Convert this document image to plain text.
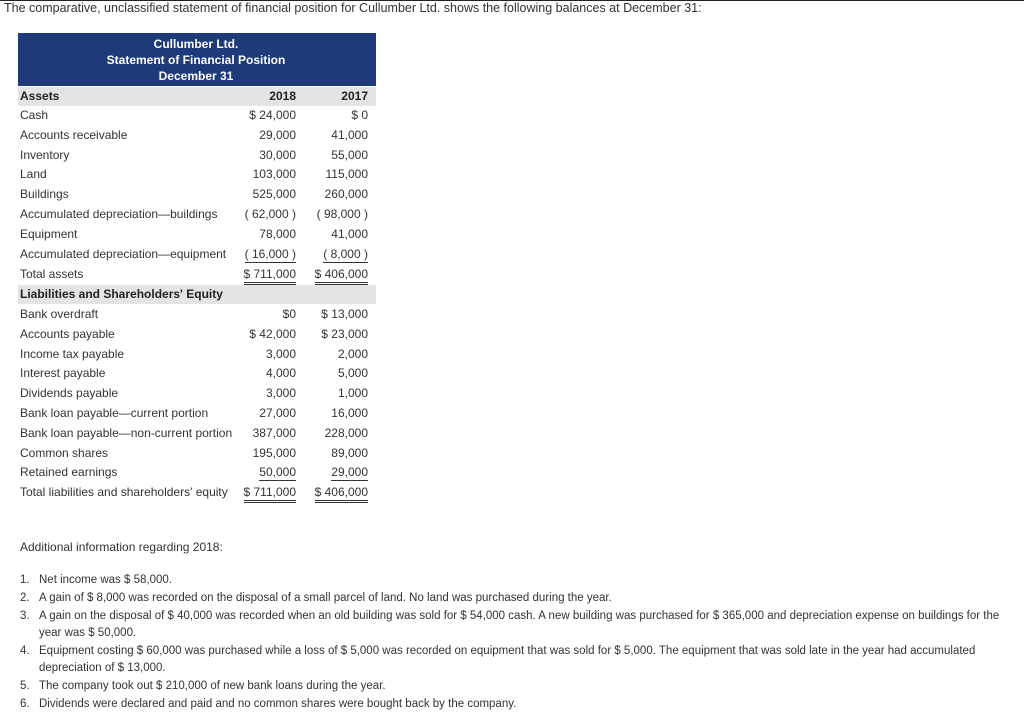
The comparative, unclassified statement of financial position for Cullumber Ltd. shows the following balances at December 31:
Cullumber Ltd.
Statement of Financial Position
December 31
Assets	2018	2017
Cash	$ 24,000	$ 0
Accounts receivable	29,000	41,000
Inventory	30,000	55,000
Land	103,000	115,000
Buildings	525,000	260,000
Accumulated depreciation—buildings	( 62,000 )	( 98,000 )
Equipment	78,000	41,000
Accumulated depreciation—equipment	( 16,000 )	( 8,000 )
Total assets	$ 711,000 $ 406,000
Liabilities and Shareholders' Equity
Bank overdraft	$0	$ 13,000
Accounts payable	$ 42,000	$ 23,000
Income tax payable	3,000	2,000
Interest payable	4,000	5,000
Dividends payable	3,000	1,000
Bank loan payable—current portion	27,000	16,000
Bank loan payable—non-current portion	387,000	228,000
Common shares	195,000	89,000
Retained earnings	50,000	29,000
Total liabilities and shareholders' equity $ 711,000 $ 406,000
Additional information regarding 2018:
1. Net income was $ 58,000.
2. A gain of $ 8,000 was recorded on the disposal of a small parcel of land. No land was purchased during the year.
3. A gain on the disposal of $ 40,000 was recorded when an old building was sold for $ 54,000 cash. A new building was purchased for $ 365,000 and depreciation expense on buildings for the year was $ 50,000.
4. Equipment costing $ 60,000 was purchased while a loss of $ 5,000 was recorded on equipment that was sold for $ 5,000. The equipment that was sold late in the year had accumulated depreciation of $ 13,000.
5. The company took out $ 210,000 of new bank loans during the year.
6. Dividends were declared and paid and no common shares were bought back by the company.
